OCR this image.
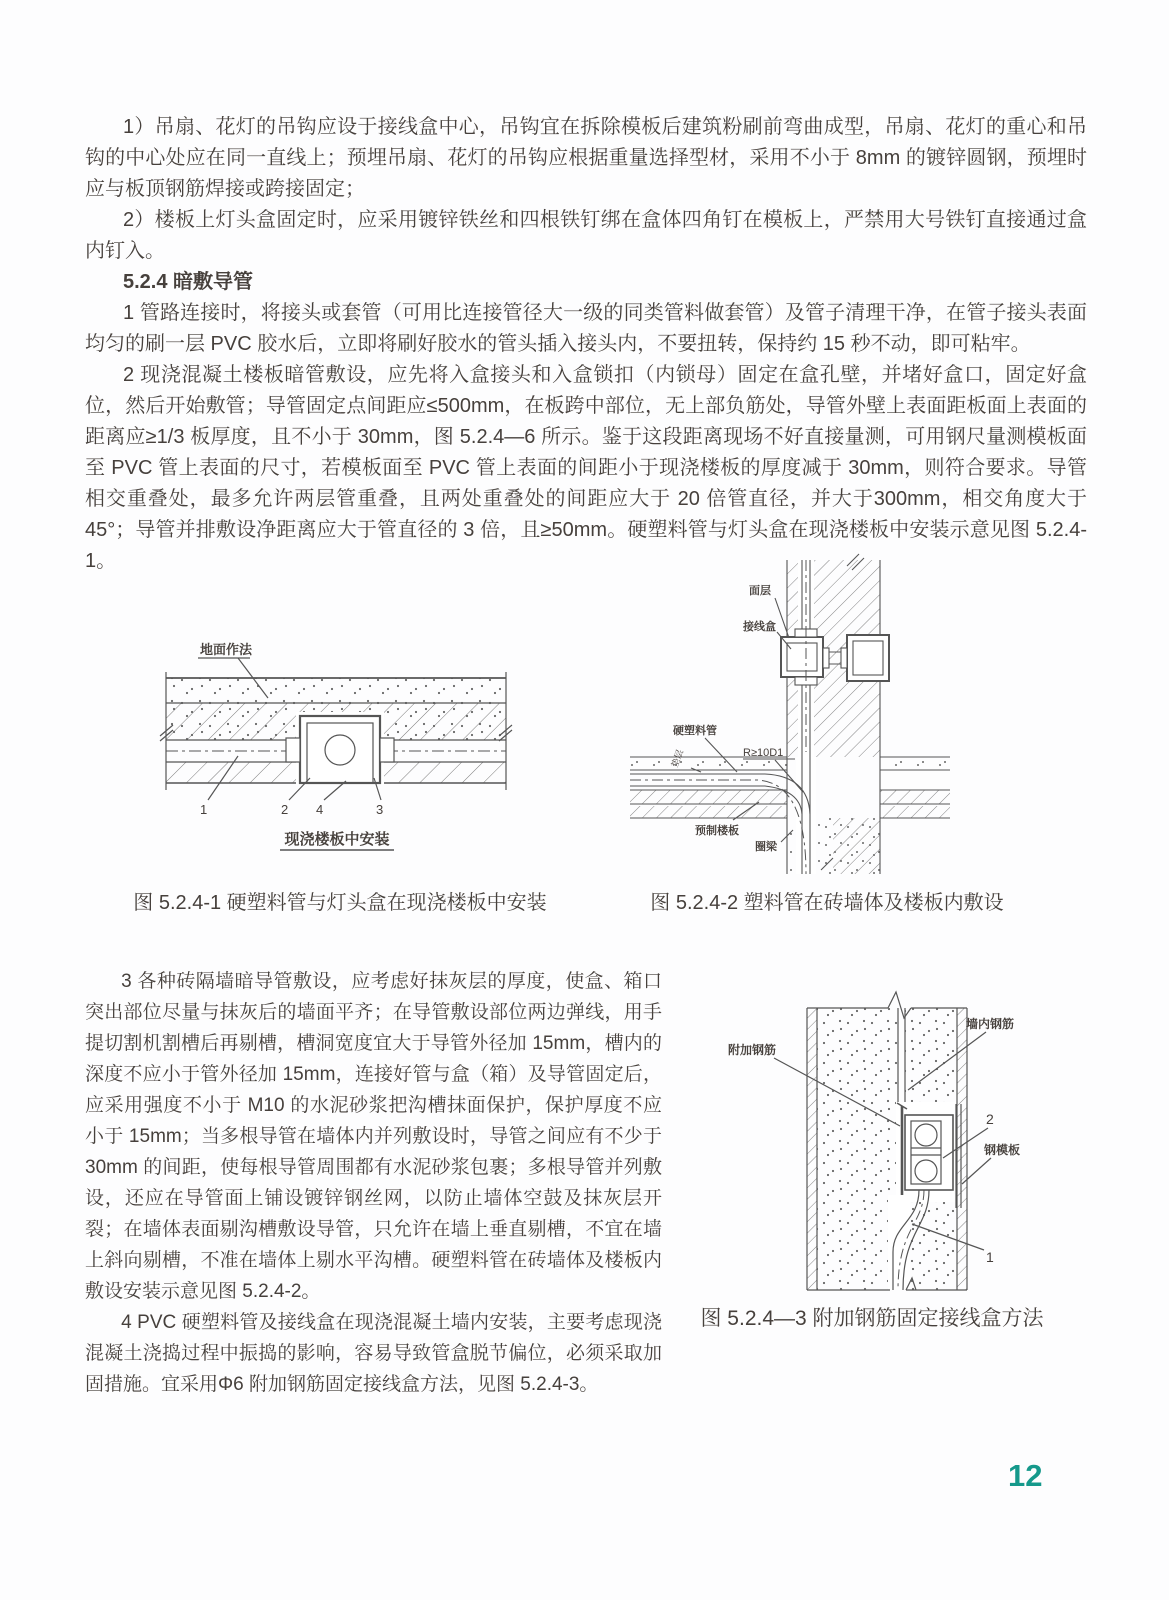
1）吊扇、花灯的吊钩应设于接线盒中心，吊钩宜在拆除模板后建筑粉刷前弯曲成型，吊扇、花灯的重心和吊钩的中心处应在同一直线上；预埋吊扇、花灯的吊钩应根据重量选择型材，采用不小于 8mm 的镀锌圆钢，预埋时应与板顶钢筋焊接或跨接固定；

2）楼板上灯头盒固定时，应采用镀锌铁丝和四根铁钉绑在盒体四角钉在模板上，严禁用大号铁钉直接通过盒内钉入。

5.2.4 暗敷导管

1 管路连接时，将接头或套管（可用比连接管径大一级的同类管料做套管）及管子清理干净，在管子接头表面均匀的刷一层 PVC 胶水后，立即将刷好胶水的管头插入接头内，不要扭转，保持约 15 秒不动，即可粘牢。

2 现浇混凝土楼板暗管敷设，应先将入盒接头和入盒锁扣（内锁母）固定在盒孔壁，并堵好盒口，固定好盒位，然后开始敷管；导管固定点间距应≤500mm，在板跨中部位，无上部负筋处，导管外壁上表面距板面上表面的距离应≥1/3 板厚度，且不小于 30mm，图 5.2.4—6 所示。鉴于这段距离现场不好直接量测，可用钢尺量测模板面至 PVC 管上表面的尺寸，若模板面至 PVC 管上表面的间距小于现浇楼板的厚度减于 30mm，则符合要求。导管相交重叠处，最多允许两层管重叠，且两处重叠处的间距应大于 20 倍管直径，并大于300mm，相交角度大于 45°；导管并排敷设净距离应大于管直径的 3 倍，且≥50mm。硬塑料管与灯头盒在现浇楼板中安装示意见图 5.2.4-1。

地面作法
1	2 4	3
现浇楼板中安装
面层
接线盒
硬塑料管
R≥10D1
垫层
预制楼板
圈梁
图 5.2.4-1 硬塑料管与灯头盒在现浇楼板中安装	图 5.2.4-2 塑料管在砖墙体及楼板内敷设

3 各种砖隔墙暗导管敷设，应考虑好抹灰层的厚度，使盒、箱口突出部位尽量与抹灰后的墙面平齐；在导管敷设部位两边弹线，用手提切割机割槽后再剔槽，槽洞宽度宜大于导管外径加 15mm，槽内的深度不应小于管外径加 15mm，连接好管与盒（箱）及导管固定后，应采用强度不小于 M10 的水泥砂浆把沟槽抹面保护，保护厚度不应小于 15mm；当多根导管在墙体内并列敷设时，导管之间应有不少于 30mm 的间距，使每根导管周围都有水泥砂浆包裹；多根导管并列敷设，还应在导管面上铺设镀锌钢丝网，以防止墙体空鼓及抹灰层开裂；在墙体表面剔沟槽敷设导管，只允许在墙上垂直剔槽，不宜在墙上斜向剔槽，不准在墙体上剔水平沟槽。硬塑料管在砖墙体及楼板内敷设安装示意见图 5.2.4-2。

4 PVC 硬塑料管及接线盒在现浇混凝土墙内安装，主要考虑现浇混凝土浇捣过程中振捣的影响，容易导致管盒脱节偏位，必须采取加固措施。宜采用Φ6 附加钢筋固定接线盒方法，见图 5.2.4-3。

附加钢筋
墙内钢筋
2
钢模板
1
图 5.2.4—3 附加钢筋固定接线盒方法
12
